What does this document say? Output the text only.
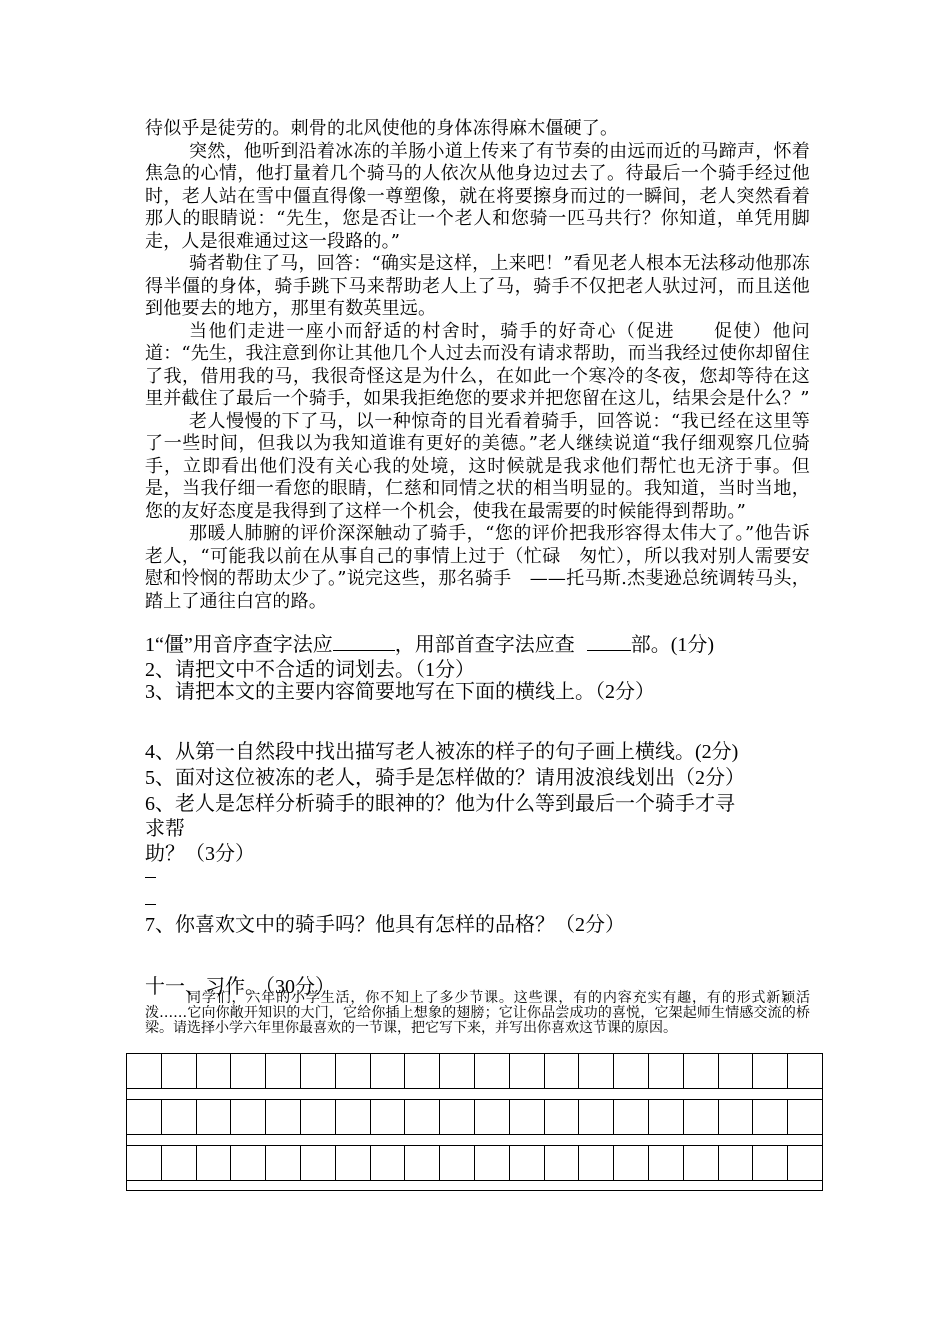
待似乎是徒劳的。刺骨的北风使他的身体冻得麻木僵硬了。

突然，他听到沿着冰冻的羊肠小道上传来了有节奏的由远而近的马蹄声，怀着焦急的心情，他打量着几个骑马的人依次从他身边过去了。待最后一个骑手经过他时，老人站在雪中僵直得像一尊塑像，就在将要擦身而过的一瞬间，老人突然看着那人的眼睛说：“先生，您是否让一个老人和您骑一匹马共行？你知道，单凭用脚走，人是很难通过这一段路的。”

骑者勒住了马，回答：“确实是这样，上来吧！”看见老人根本无法移动他那冻得半僵的身体，骑手跳下马来帮助老人上了马，骑手不仅把老人驮过河，而且送他到他要去的地方，那里有数英里远。

当他们走进一座小而舒适的村舍时，骑手的好奇心（促进　　促使）他问道：“先生，我注意到你让其他几个人过去而没有请求帮助，而当我经过使你却留住了我，借用我的马，我很奇怪这是为什么，在如此一个寒冷的冬夜，您却等待在这里并截住了最后一个骑手，如果我拒绝您的要求并把您留在这儿，结果会是什么？”

老人慢慢的下了马，以一种惊奇的目光看着骑手，回答说：“我已经在这里等了一些时间，但我以为我知道谁有更好的美德。”老人继续说道“我仔细观察几位骑手，立即看出他们没有关心我的处境，这时候就是我求他们帮忙也无济于事。但是，当我仔细一看您的眼睛，仁慈和同情之状的相当明显的。我知道，当时当地，您的友好态度是我得到了这样一个机会，使我在最需要的时候能得到帮助。”

那暖人肺腑的评价深深触动了骑手，“您的评价把我形容得太伟大了。”他告诉老人，“可能我以前在从事自己的事情上过于（忙碌　匆忙），所以我对别人需要安慰和怜悯的帮助太少了。”说完这些，那名骑手　——托马斯.杰斐逊总统调转马头，踏上了通往白宫的路。

1“僵”用音序查字法应	，用部首查字法应查	部。(1分)
2、请把文中不合适的词划去。（1分）
3、请把本文的主要内容简要地写在下面的横线上。（2分）
4、从第一自然段中找出描写老人被冻的样子的句子画上横线。(2分)
5、面对这位被冻的老人，骑手是怎样做的？请用波浪线划出（2分）
6、老人是怎样分析骑手的眼神的？他为什么等到最后一个骑手才寻
求帮
助？（3分）
7、你喜欢文中的骑手吗？他具有怎样的品格？（2分）
十一、习作。（30分）

同学们，六年的小学生活，你不知上了多少节课。这些课，有的内容充实有趣，有的形式新颖活泼……它向你敞开知识的大门，它给你插上想象的翅膀；它让你品尝成功的喜悦，它架起师生情感交流的桥梁。请选择小学六年里你最喜欢的一节课，把它写下来，并写出你喜欢这节课的原因。
